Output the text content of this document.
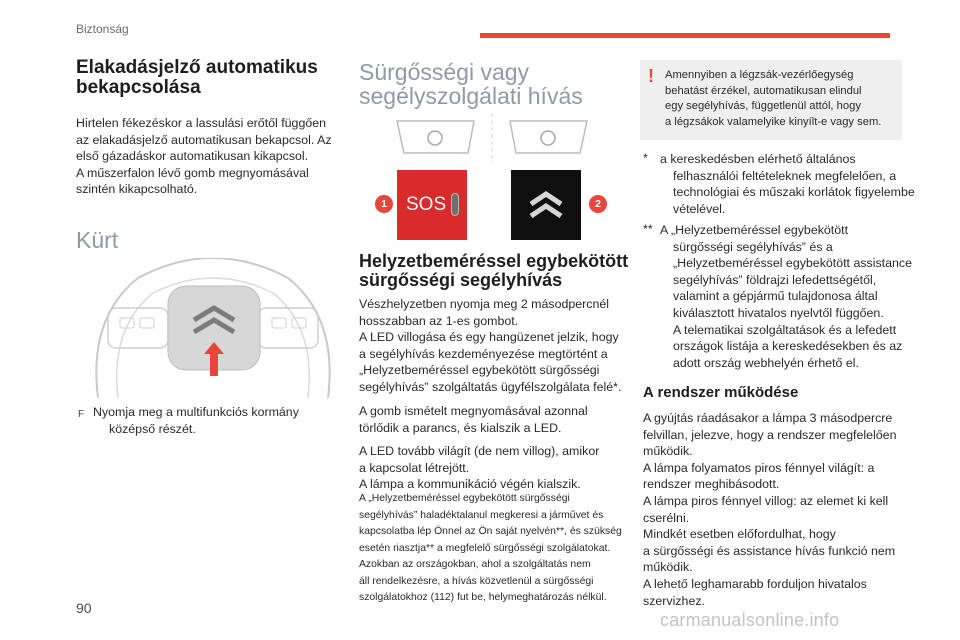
Biztonság
Elakadásjelző automatikus
bekapcsolása
Hirtelen fékezéskor a lassulási erőtől függően
az elakadásjelző automatikusan bekapcsol. Az
első gázadáskor automatikusan kikapcsol.
A műszerfalon lévő gomb megnyomásával
szintén kikapcsolható.
Kürt
F Nyomja meg a multifunkciós kormány
középső részét.
Sürgősségi vagy
segélyszolgálati hívás
1	SOS	2
Helyzetbeméréssel egybekötött
sürgősségi segélyhívás
Vészhelyzetben nyomja meg 2 másodpercnél
hosszabban az 1-es gombot.
A LED villogása és egy hangüzenet jelzik, hogy
a segélyhívás kezdeményezése megtörtént a
„Helyzetbeméréssel egybekötött sürgősségi
segélyhívás” szolgáltatás ügyfélszolgálata felé*.
A gomb ismételt megnyomásával azonnal
törlődik a parancs, és kialszik a LED.
A LED tovább világít (de nem villog), amikor
a kapcsolat létrejött.
A lámpa a kommunikáció végén kialszik.
A „Helyzetbeméréssel egybekötött sürgősségi
segélyhívás” haladéktalanul megkeresi a járművet és
kapcsolatba lép Önnel az Ön saját nyelvén**, és szükség
esetén riasztja** a megfelelő sürgősségi szolgálatokat.
Azokban az országokban, ahol a szolgáltatás nem
áll rendelkezésre, a hívás közvetlenül a sürgősségi
szolgálatokhoz (112) fut be, helymeghatározás nélkül.
! Amennyiben a légzsák-vezérlőegység
behatást érzékel, automatikusan elindul
egy segélyhívás, függetlenül attól, hogy
a légzsákok valamelyike kinyílt-e vagy sem.
* a kereskedésben elérhető általános
felhasználói feltételeknek megfelelően, a
technológiai és műszaki korlátok figyelembe
vételével.
** A „Helyzetbeméréssel egybekötött
sürgősségi segélyhívás” és a
„Helyzetbeméréssel egybekötött assistance
segélyhívás” földrajzi lefedettségétől,
valamint a gépjármű tulajdonosa által
kiválasztott hivatalos nyelvtől függően.
A telematikai szolgáltatások és a lefedett
országok listája a kereskedésekben és az
adott ország webhelyén érhető el.
A rendszer működése
A gyújtás ráadásakor a lámpa 3 másodpercre
felvillan, jelezve, hogy a rendszer megfelelően
működik.
A lámpa folyamatos piros fénnyel világít: a
rendszer meghibásodott.
A lámpa piros fénnyel villog: az elemet ki kell
cserélni.
Mindkét esetben előfordulhat, hogy
a sürgősségi és assistance hívás funkció nem
működik.
A lehető leghamarabb forduljon hivatalos
szervizhez.
90
carmanualsonline.info
